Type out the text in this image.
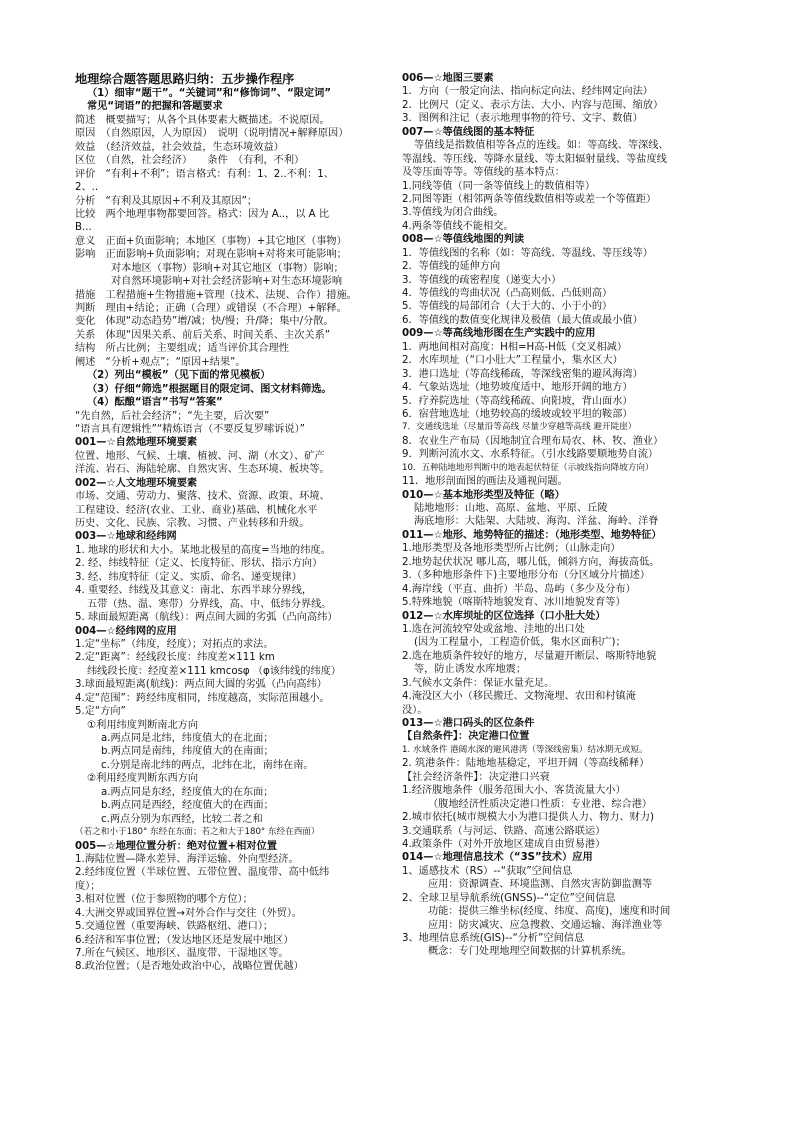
地理综合题答题思路归纳：五步操作程序
（1）细审“题干”。“关键词”和“修饰词”、“限定词”
常见“词语”的把握和答题要求
简述　概要描写；从各个具体要素大概描述。不说原因。
原因　（自然原因，人为原因）　说明（说明情况+解释原因）
效益　（经济效益，社会效益，生态环境效益）
区位　（自然，社会经济）　　条件　（有利，不利）
评价　“有利+不利”；语言格式：有利：1、2..不利：1、
2、..
分析　“有利及其原因+不利及其原因”；
比较　两个地理事物都要回答。格式：因为 A..，以 A 比
B...
意义　正面+负面影响；本地区（事物）+其它地区（事物）
影响　正面影响+负面影响；对现在影响+对将来可能影响；
对本地区（事物）影响+对其它地区（事物）影响；
对自然环境影响+对社会经济影响+对生态环境影响
措施　工程措施+生物措施+管理（技术、法规、合作）措施。
判断　理由+结论；正确（合理）或错误（不合理）+解释。
变化　体现“动态趋势”增/减；快/慢；升/降；集中/分散。
关系　体现“因果关系、前后关系、时间关系、主次关系”
结构　所占比例；主要组成；适当评价其合理性
阐述　“分析+观点”；“原因+结果”。
（2）列出“模板”（见下面的常见模板）
（3）仔细“筛选”根据题目的限定词、图文材料筛选。
（4）酝酿“语言”书写“答案”
“先自然，后社会经济”；“先主要，后次要”
“语言具有逻辑性”“精炼语言（不要反复罗嗦诉说）”
001—☆自然地理环境要素
位置、地形、气候、土壤、植被、河、湖（水文）、矿产
洋流、岩石、海陆轮廓、自然灾害、生态环境、板块等。
002—☆人文地理环境要素
市场、交通、劳动力、聚落、技术、资源、政策、环境、
工程建设、经济(农业、工业、商业)基础、机械化水平
历史、文化、民族、宗教、习惯、产业转移和升级。
003—☆地球和经纬网
1. 地球的形状和大小。某地北极星的高度=当地的纬度。
2. 经、纬线特征（定义、长度特征、形状、指示方向）
3. 经、纬度特征（定义、实质、命名、递变规律）
4. 重要经、纬线及其意义：南北、东西半球分界线，
五带（热、温、寒带）分界线，高、中、低纬分界线。
5. 球面最短距离（航线）：两点间大圆的劣弧（凸向高纬）
004—☆经纬网的应用
1.定“坐标”（纬度，经度）；对拓点的求法。
2.定“距离”：经线段长度：纬度差×111 km
纬线段长度：经度差×111 kmcosφ （φ该纬线的纬度）
3.球面最短距离(航线)：两点间大圆的劣弧（凸向高纬）
4.定“范围”：跨经纬度相同，纬度越高，实际范围越小。
5.定“方向”
①利用纬度判断南北方向
a.两点同是北纬，纬度值大的在北面；
b.两点同是南纬，纬度值大的在南面；
c.分别是南北纬的两点，北纬在北，南纬在南。
②利用经度判断东西方向
a.两点同是东经，经度值大的在东面；
b.两点同是西经，经度值大的在西面；
c.两点分别为东西经，比较二者之和
（若之和小于180° 东经在东面；若之和大于180° 东经在西面）
005—☆地理位置分析：绝对位置+相对位置
1.海陆位置—降水差异、海洋运输、外向型经济。
2.经纬度位置（半球位置、五带位置、温度带、高中低纬
度）；
3.相对位置（位于参照物的哪个方位）；
4.大洲交界或国界位置→对外合作与交往（外贸）。
5.交通位置（重要海峡、铁路枢纽、港口）；
6.经济和军事位置；（发达地区还是发展中地区）
7.所在气候区、地形区、温度带、干湿地区等。
8.政治位置；（是否地处政治中心，战略位置优越）
006—☆地图三要素
1．方向（一般定向法、指向标定向法、经纬网定向法）
2．比例尺（定义、表示方法、大小、内容与范围、缩放）
3．图例和注记（表示地理事物的符号、文字、数值）
007—☆等值线图的基本特征
等值线是指数值相等各点的连线。如：等高线、等深线、
等温线、等压线、等降水量线、等太阳辐射量线、等盐度线
及等压面等等。等值线的基本特点：
1.同线等值（同一条等值线上的数值相等）
2.同图等距（相邻两条等值线数值相等或差一个等值距）
3.等值线为闭合曲线。
4.两条等值线不能相交。
008—☆等值线地图的判读
1．等值线图的名称（如：等高线、等温线、等压线等）
2．等值线的延伸方向
3．等值线的疏密程度（递变大小）
4．等值线的弯曲状况（凸高则低、凸低则高）
5．等值线的局部闭合（大于大的、小于小的）
6．等值线的数值变化规律及极值（最大值或最小值）
009—☆等高线地形图在生产实践中的应用
1．两地间相对高度：H相=H高-H低（交叉相减）
2．水库坝址（“口小肚大”工程量小，集水区大）
3．港口选址（等高线稀疏，等深线密集的避风海湾）
4．气象站选址（地势坡度适中、地形开阔的地方）
5．疗养院选址（等高线稀疏、向阳坡，背山面水）
6．宿营地选址（地势较高的缓坡或较平坦的鞍部）
7．交通线选址（尽量沿等高线 尽量少穿越等高线 避开陡崖）
8．农业生产布局（因地制宜合理布局农、林、牧、渔业）
9．判断河流水文、水系特征。（引水线路要顺地势自流）
10．五种陆地地形判断中的地表起伏特征（示坡线指向降坡方向）
11．地形剖面图的画法及通视问题。
010—☆基本地形类型及特征（略）
陆地地形：山地、高原、盆地、平原、丘陵
海底地形：大陆架、大陆坡、海沟、洋盆、海岭、洋脊
011—☆地形、地势特征的描述：（地形类型、地势特征）
1.地形类型及各地形类型所占比例；（山脉走向）
2.地势起伏状况 哪儿高，哪儿低，倾斜方向，海拔高低。
3.（多种地形条件下)主要地形分布（分区域分片描述）
4.海岸线（平直、曲折）半岛、岛屿（多少及分布）
5.特殊地貌（喀斯特地貌发育、冰川地貌发育等）
012—☆水库坝址的区位选择（口小肚大处）
1.选在河流较窄处或盆地、洼地的出口处
(因为工程量小，工程造价低，集水区面积广)；
2.选在地质条件较好的地方，尽量避开断层、喀斯特地貌
等，防止诱发水库地震；
3.气候水文条件：保证水量充足。
4.淹没区大小（移民搬迁、文物淹埋、农田和村镇淹
没）。
013—☆港口码头的区位条件
【自然条件】：决定港口位置
1. 水域条件 港阔水深的避风港湾（等深线密集）结冰期无或短。
2. 筑港条件：陆地地基稳定，平坦开阔（等高线稀释）
【社会经济条件】：决定港口兴衰
1.经济腹地条件（服务范围大小、客货流量大小）
（腹地经济性质决定港口性质：专业港、综合港）
2.城市依托(城市规模大小为港口提供人力、物力、财力)
3.交通联系（与河运、铁路、高速公路联运）
4.政策条件（对外开放地区建成自由贸易港）
014—☆地理信息技术（“3S”技术）应用
1、遥感技术（RS）--“获取”空间信息
应用：资源调查、环境监测、自然灾害防御监测等
2、全球卫星导航系统(GNSS)--“定位”空间信息
功能：提供三维坐标(经度、纬度、高度)，速度和时间
应用：防灾减灾、应急搜救、交通运输、海洋渔业等
3、地理信息系统(GIS)--“分析”空间信息
概念：专门处理地理空间数据的计算机系统。
